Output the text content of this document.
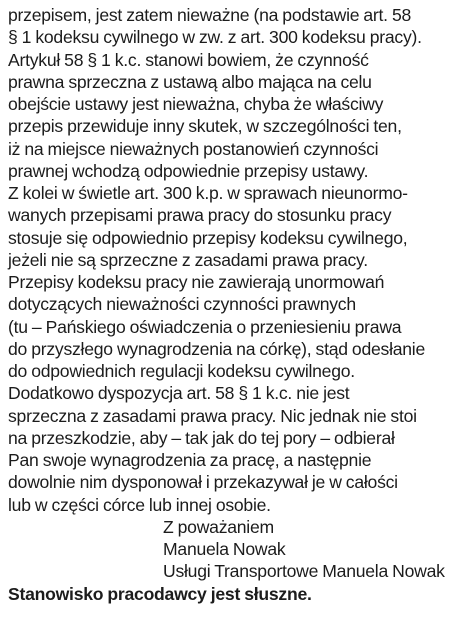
przepisem, jest zatem nieważne (na podstawie art. 58
§ 1 kodeksu cywilnego w zw. z art. 300 kodeksu pracy).
Artykuł 58 § 1 k.c. stanowi bowiem, że czynność
prawna sprzeczna z ustawą albo mająca na celu
obejście ustawy jest nieważna, chyba że właściwy
przepis przewiduje inny skutek, w szczególności ten,
iż na miejsce nieważnych postanowień czynności
prawnej wchodzą odpowiednie przepisy ustawy.
Z kolei w świetle art. 300 k.p. w sprawach nieunormo-
wanych przepisami prawa pracy do stosunku pracy
stosuje się odpowiednio przepisy kodeksu cywilnego,
jeżeli nie są sprzeczne z zasadami prawa pracy.
Przepisy kodeksu pracy nie zawierają unormowań
dotyczących nieważności czynności prawnych
(tu – Pańskiego oświadczenia o przeniesieniu prawa
do przyszłego wynagrodzenia na córkę), stąd odesłanie
do odpowiednich regulacji kodeksu cywilnego.
Dodatkowo dyspozycja art. 58 § 1 k.c. nie jest
sprzeczna z zasadami prawa pracy. Nic jednak nie stoi
na przeszkodzie, aby – tak jak do tej pory – odbierał
Pan swoje wynagrodzenia za pracę, a następnie
dowolnie nim dysponował i przekazywał je w całości
lub w części córce lub innej osobie.
Z poważaniem
Manuela Nowak
Usługi Transportowe Manuela Nowak
Stanowisko pracodawcy jest słuszne.
